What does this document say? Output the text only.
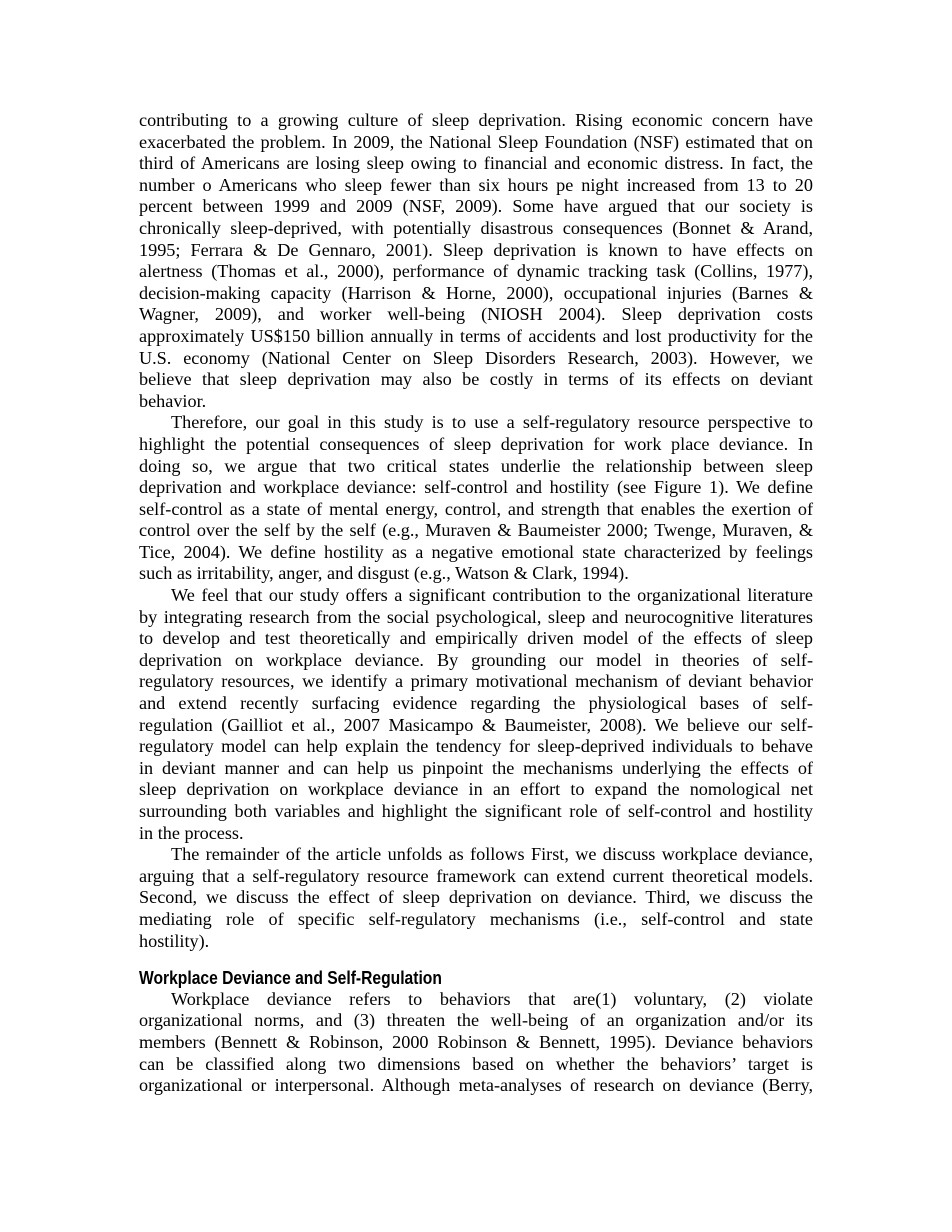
contributing to a growing culture of sleep deprivation. Rising economic concern have
exacerbated the problem. In 2009, the National Sleep Foundation (NSF) estimated that on
third of Americans are losing sleep owing to financial and economic distress. In fact, the
number o Americans who sleep fewer than six hours pe night increased from 13 to 20
percent between 1999 and 2009 (NSF, 2009). Some have argued that our society is
chronically sleep-deprived, with potentially disastrous consequences (Bonnet & Arand,
1995; Ferrara & De Gennaro, 2001). Sleep deprivation is known to have effects on
alertness (Thomas et al., 2000), performance of dynamic tracking task (Collins, 1977),
decision-making capacity (Harrison & Horne, 2000), occupational injuries (Barnes &
Wagner, 2009), and worker well-being (NIOSH 2004). Sleep deprivation costs
approximately US$150 billion annually in terms of accidents and lost productivity for the
U.S. economy (National Center on Sleep Disorders Research, 2003). However, we
believe that sleep deprivation may also be costly in terms of its effects on deviant
behavior.
Therefore, our goal in this study is to use a self-regulatory resource perspective to
highlight the potential consequences of sleep deprivation for work place deviance. In
doing so, we argue that two critical states underlie the relationship between sleep
deprivation and workplace deviance: self-control and hostility (see Figure 1). We define
self-control as a state of mental energy, control, and strength that enables the exertion of
control over the self by the self (e.g., Muraven & Baumeister 2000; Twenge, Muraven, &
Tice, 2004). We define hostility as a negative emotional state characterized by feelings
such as irritability, anger, and disgust (e.g., Watson & Clark, 1994).
We feel that our study offers a significant contribution to the organizational literature
by integrating research from the social psychological, sleep and neurocognitive literatures
to develop and test theoretically and empirically driven model of the effects of sleep
deprivation on workplace deviance. By grounding our model in theories of self-
regulatory resources, we identify a primary motivational mechanism of deviant behavior
and extend recently surfacing evidence regarding the physiological bases of self-
regulation (Gailliot et al., 2007 Masicampo & Baumeister, 2008). We believe our self-
regulatory model can help explain the tendency for sleep-deprived individuals to behave
in deviant manner and can help us pinpoint the mechanisms underlying the effects of
sleep deprivation on workplace deviance in an effort to expand the nomological net
surrounding both variables and highlight the significant role of self-control and hostility
in the process.
The remainder of the article unfolds as follows First, we discuss workplace deviance,
arguing that a self-regulatory resource framework can extend current theoretical models.
Second, we discuss the effect of sleep deprivation on deviance. Third, we discuss the
mediating role of specific self-regulatory mechanisms (i.e., self-control and state
hostility).
Workplace Deviance and Self-Regulation
Workplace deviance refers to behaviors that are(1) voluntary, (2) violate
organizational norms, and (3) threaten the well-being of an organization and/or its
members (Bennett & Robinson, 2000 Robinson & Bennett, 1995). Deviance behaviors
can be classified along two dimensions based on whether the behaviors’ target is
organizational or interpersonal. Although meta-analyses of research on deviance (Berry,
